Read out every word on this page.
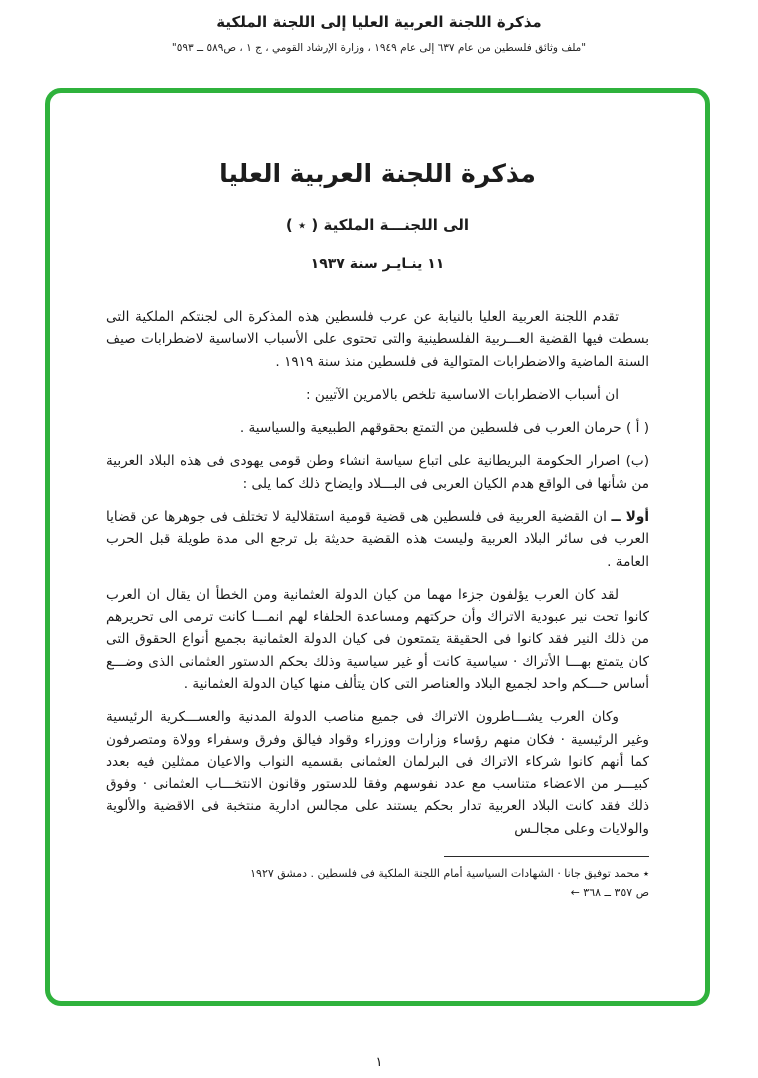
مذكرة اللجنة العربية العليا إلى اللجنة الملكية
"ملف وثائق فلسطين من عام ٦٣٧ إلى عام ١٩٤٩ ، وزارة الإرشاد القومي ، ج ١ ، ص٥٨٩ ــ ٥٩٣"
مذكرة اللجنة العربية العليا
الى اللجنـــة الملكية ( ٭ )
١١ ينـايـر سنة ١٩٣٧

تقدم اللجنة العربية العليا بالنيابة عن عرب فلسطين هذه المذكرة الى لجنتكم الملكية التى بسطت فيها القضية العـــربية الفلسطينية والتى تحتوى على الأسباب الاساسية لاضطرابات صيف السنة الماضية والاضطرابات المتوالية فى فلسطين منذ سنة ١٩١٩ .

ان أسباب الاضطرابات الاساسية تلخص بالامرين الآتيين :

( أ ) حرمان العرب فى فلسطين من التمتع بحقوقهم الطبيعية والسياسية .

(ب) اصرار الحكومة البريطانية على اتباع سياسة انشاء وطن قومى يهودى فى هذه البلاد العربية من شأنها فى الواقع هدم الكيان العربى فى البـــلاد وايضاح ذلك كما يلى :

أولا ــ ان القضية العربية فى فلسطين هى قضية قومية استقلالية لا تختلف فى جوهرها عن قضايا العرب فى سائر البلاد العربية وليست هذه القضية حديثة بل ترجع الى مدة طويلة قبل الحرب العامة .

لقد كان العرب يؤلفون جزءا مهما من كيان الدولة العثمانية ومن الخطأ ان يقال ان العرب كانوا تحت نير عبودية الاتراك وأن حركتهم ومساعدة الحلفاء لهم انمـــا كانت ترمى الى تحريرهم من ذلك النير فقد كانوا فى الحقيقة يتمتعون فى كيان الدولة العثمانية بجميع أنواع الحقوق التى كان يتمتع بهـــا الأتراك · سياسية كانت أو غير سياسية وذلك بحكم الدستور العثمانى الذى وضـــع أساس حـــكم واحد لجميع البلاد والعناصر التى كان يتألف منها كيان الدولة العثمانية .

وكان العرب يشـــاطرون الاتراك فى جميع مناصب الدولة المدنية والعســـكرية الرئيسية وغير الرئيسية · فكان منهم رؤساء وزارات ووزراء وقواد فيالق وفرق وسفراء وولاة ومتصرفون كما أنهم كانوا شركاء الاتراك فى البرلمان العثمانى بقسميه النواب والاعيان ممثلين فيه بعدد كبيـــر من الاعضاء متناسب مع عدد نفوسهم وفقا للدستور وقانون الانتخـــاب العثمانى · وفوق ذلك فقد كانت البلاد العربية تدار بحكم يستند على مجالس ادارية منتخبة فى الاقضية والألوية والولايات وعلى مجالـس

٭ محمد توفيق جانا · الشهادات السياسية أمام اللجنة الملكية فى فلسطين . دمشق ١٩٢٧
ص ٣٥٧ ــ ٣٦٨ ←
١
